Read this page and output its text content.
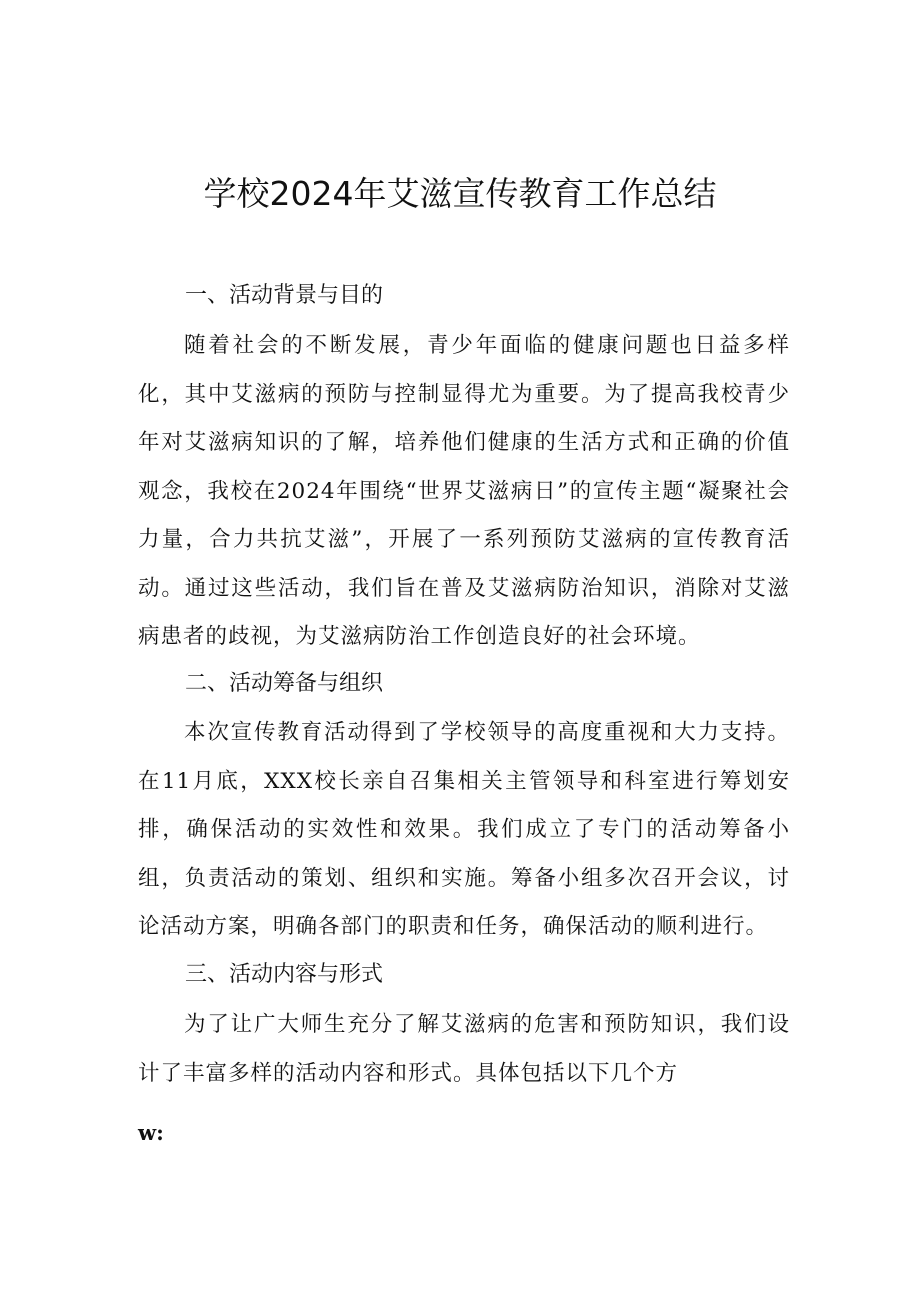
学校2024年艾滋宣传教育工作总结
一、活动背景与目的

随着社会的不断发展，青少年面临的健康问题也日益多样化，其中艾滋病的预防与控制显得尤为重要。为了提高我校青少年对艾滋病知识的了解，培养他们健康的生活方式和正确的价值观念，我校在2024年围绕“世界艾滋病日”的宣传主题“凝聚社会力量，合力共抗艾滋”，开展了一系列预防艾滋病的宣传教育活动。通过这些活动，我们旨在普及艾滋病防治知识，消除对艾滋病患者的歧视，为艾滋病防治工作创造良好的社会环境。

二、活动筹备与组织

本次宣传教育活动得到了学校领导的高度重视和大力支持。在11月底，XXX校长亲自召集相关主管领导和科室进行筹划安排，确保活动的实效性和效果。我们成立了专门的活动筹备小组，负责活动的策划、组织和实施。筹备小组多次召开会议，讨论活动方案，明确各部门的职责和任务，确保活动的顺利进行。

三、活动内容与形式

为了让广大师生充分了解艾滋病的危害和预防知识，我们设计了丰富多样的活动内容和形式。具体包括以下几个方

w:
